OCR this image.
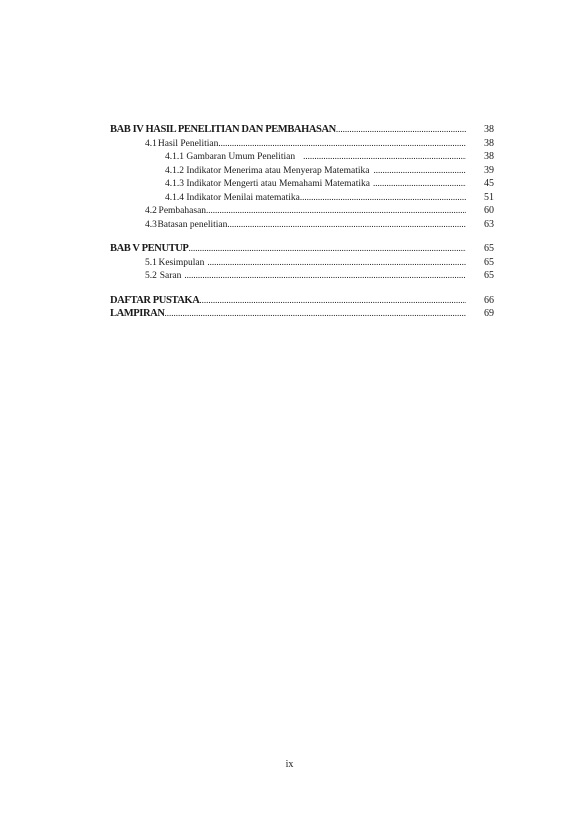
BAB IV HASIL PENELITIAN DAN PEMBAHASAN .....	38
4.1 Hasil Penelitian .....	38
4.1.1 Gambaran Umum Penelitian .....	38
4.1.2 Indikator Menerima atau Menyerap Matematika .....	39
4.1.3 Indikator Mengerti atau Memahami Matematika .....	45
4.1.4 Indikator Menilai matematika .....	51
4.2 Pembahasan .....	60
4.3 Batasan penelitian .....	63
BAB V PENUTUP .....	65
5.1 Kesimpulan .....	65
5.2 Saran .....	65
DAFTAR PUSTAKA .....	66
LAMPIRAN .....	69
ix
